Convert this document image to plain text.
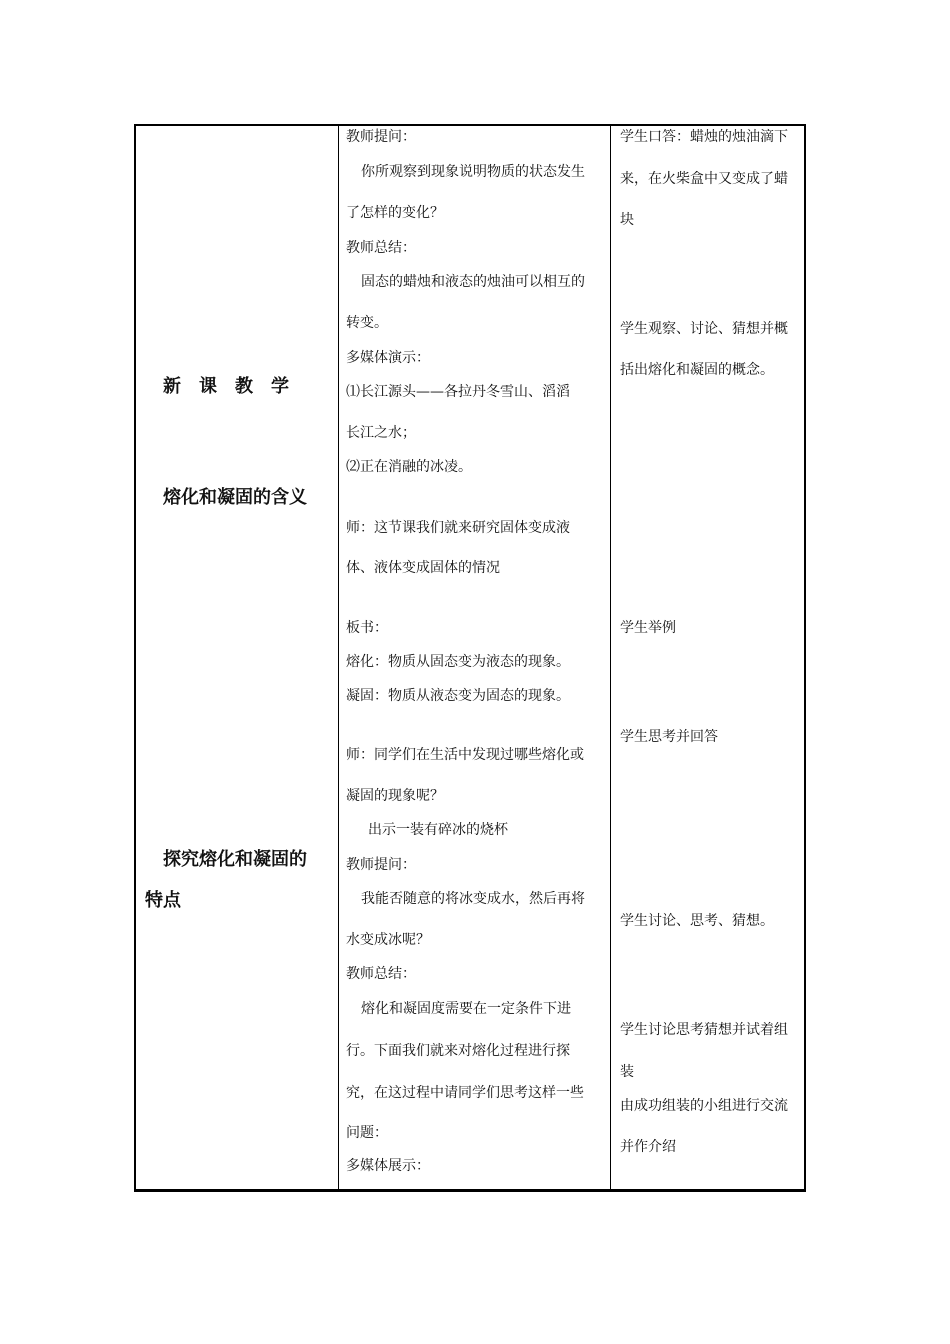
新课教学
熔化和凝固的含义
探究熔化和凝固的
特点
教师提问：
你所观察到现象说明物质的状态发生
了怎样的变化？
教师总结：
固态的蜡烛和液态的烛油可以相互的
转变。
多媒体演示：
⑴长江源头——各拉丹冬雪山、滔滔
长江之水；
⑵正在消融的冰凌。
师：这节课我们就来研究固体变成液
体、液体变成固体的情况
板书：
熔化：物质从固态变为液态的现象。
凝固：物质从液态变为固态的现象。
师：同学们在生活中发现过哪些熔化或
凝固的现象呢？
出示一装有碎冰的烧杯
教师提问：
我能否随意的将冰变成水，然后再将
水变成冰呢？
教师总结：
熔化和凝固度需要在一定条件下进
行。下面我们就来对熔化过程进行探
究，在这过程中请同学们思考这样一些
问题：
多媒体展示：
学生口答：蜡烛的烛油滴下
来，在火柴盒中又变成了蜡
块
学生观察、讨论、猜想并概
括出熔化和凝固的概念。
学生举例
学生思考并回答
学生讨论、思考、猜想。
学生讨论思考猜想并试着组
装
由成功组装的小组进行交流
并作介绍
